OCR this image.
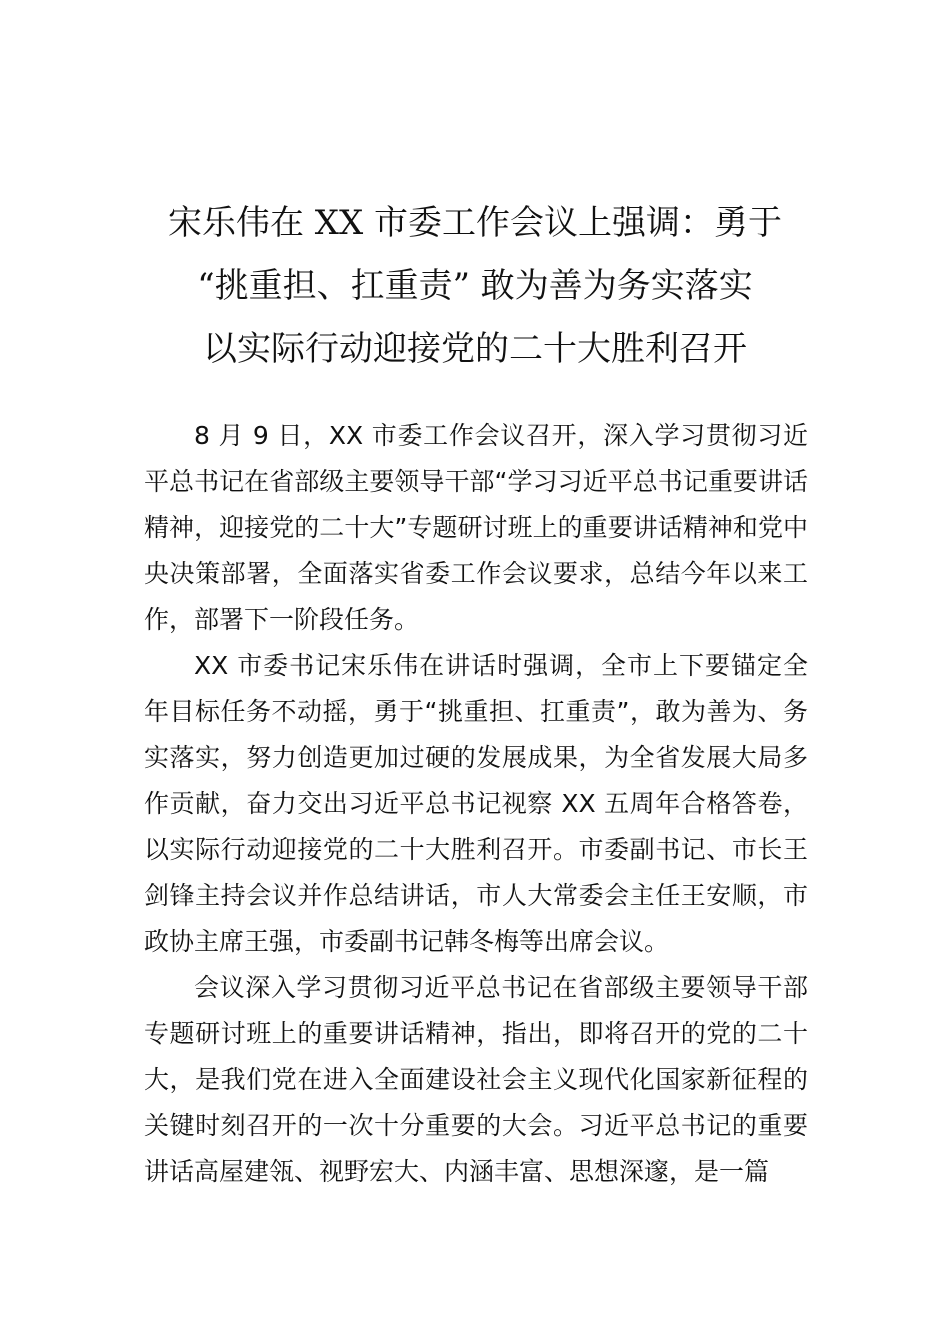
宋乐伟在 XX 市委工作会议上强调：勇于
“挑重担、扛重责” 敢为善为务实落实
以实际行动迎接党的二十大胜利召开

8 月 9 日，XX 市委工作会议召开，深入学习贯彻习近平总书记在省部级主要领导干部“学习习近平总书记重要讲话精神，迎接党的二十大”专题研讨班上的重要讲话精神和党中央决策部署，全面落实省委工作会议要求，总结今年以来工作，部署下一阶段任务。

XX 市委书记宋乐伟在讲话时强调，全市上下要锚定全年目标任务不动摇，勇于“挑重担、扛重责”，敢为善为、务实落实，努力创造更加过硬的发展成果，为全省发展大局多作贡献，奋力交出习近平总书记视察 XX 五周年合格答卷，以实际行动迎接党的二十大胜利召开。市委副书记、市长王剑锋主持会议并作总结讲话，市人大常委会主任王安顺，市政协主席王强，市委副书记韩冬梅等出席会议。

会议深入学习贯彻习近平总书记在省部级主要领导干部专题研讨班上的重要讲话精神，指出，即将召开的党的二十大，是我们党在进入全面建设社会主义现代化国家新征程的关键时刻召开的一次十分重要的大会。习近平总书记的重要讲话高屋建瓴、视野宏大、内涵丰富、思想深邃，是一篇
